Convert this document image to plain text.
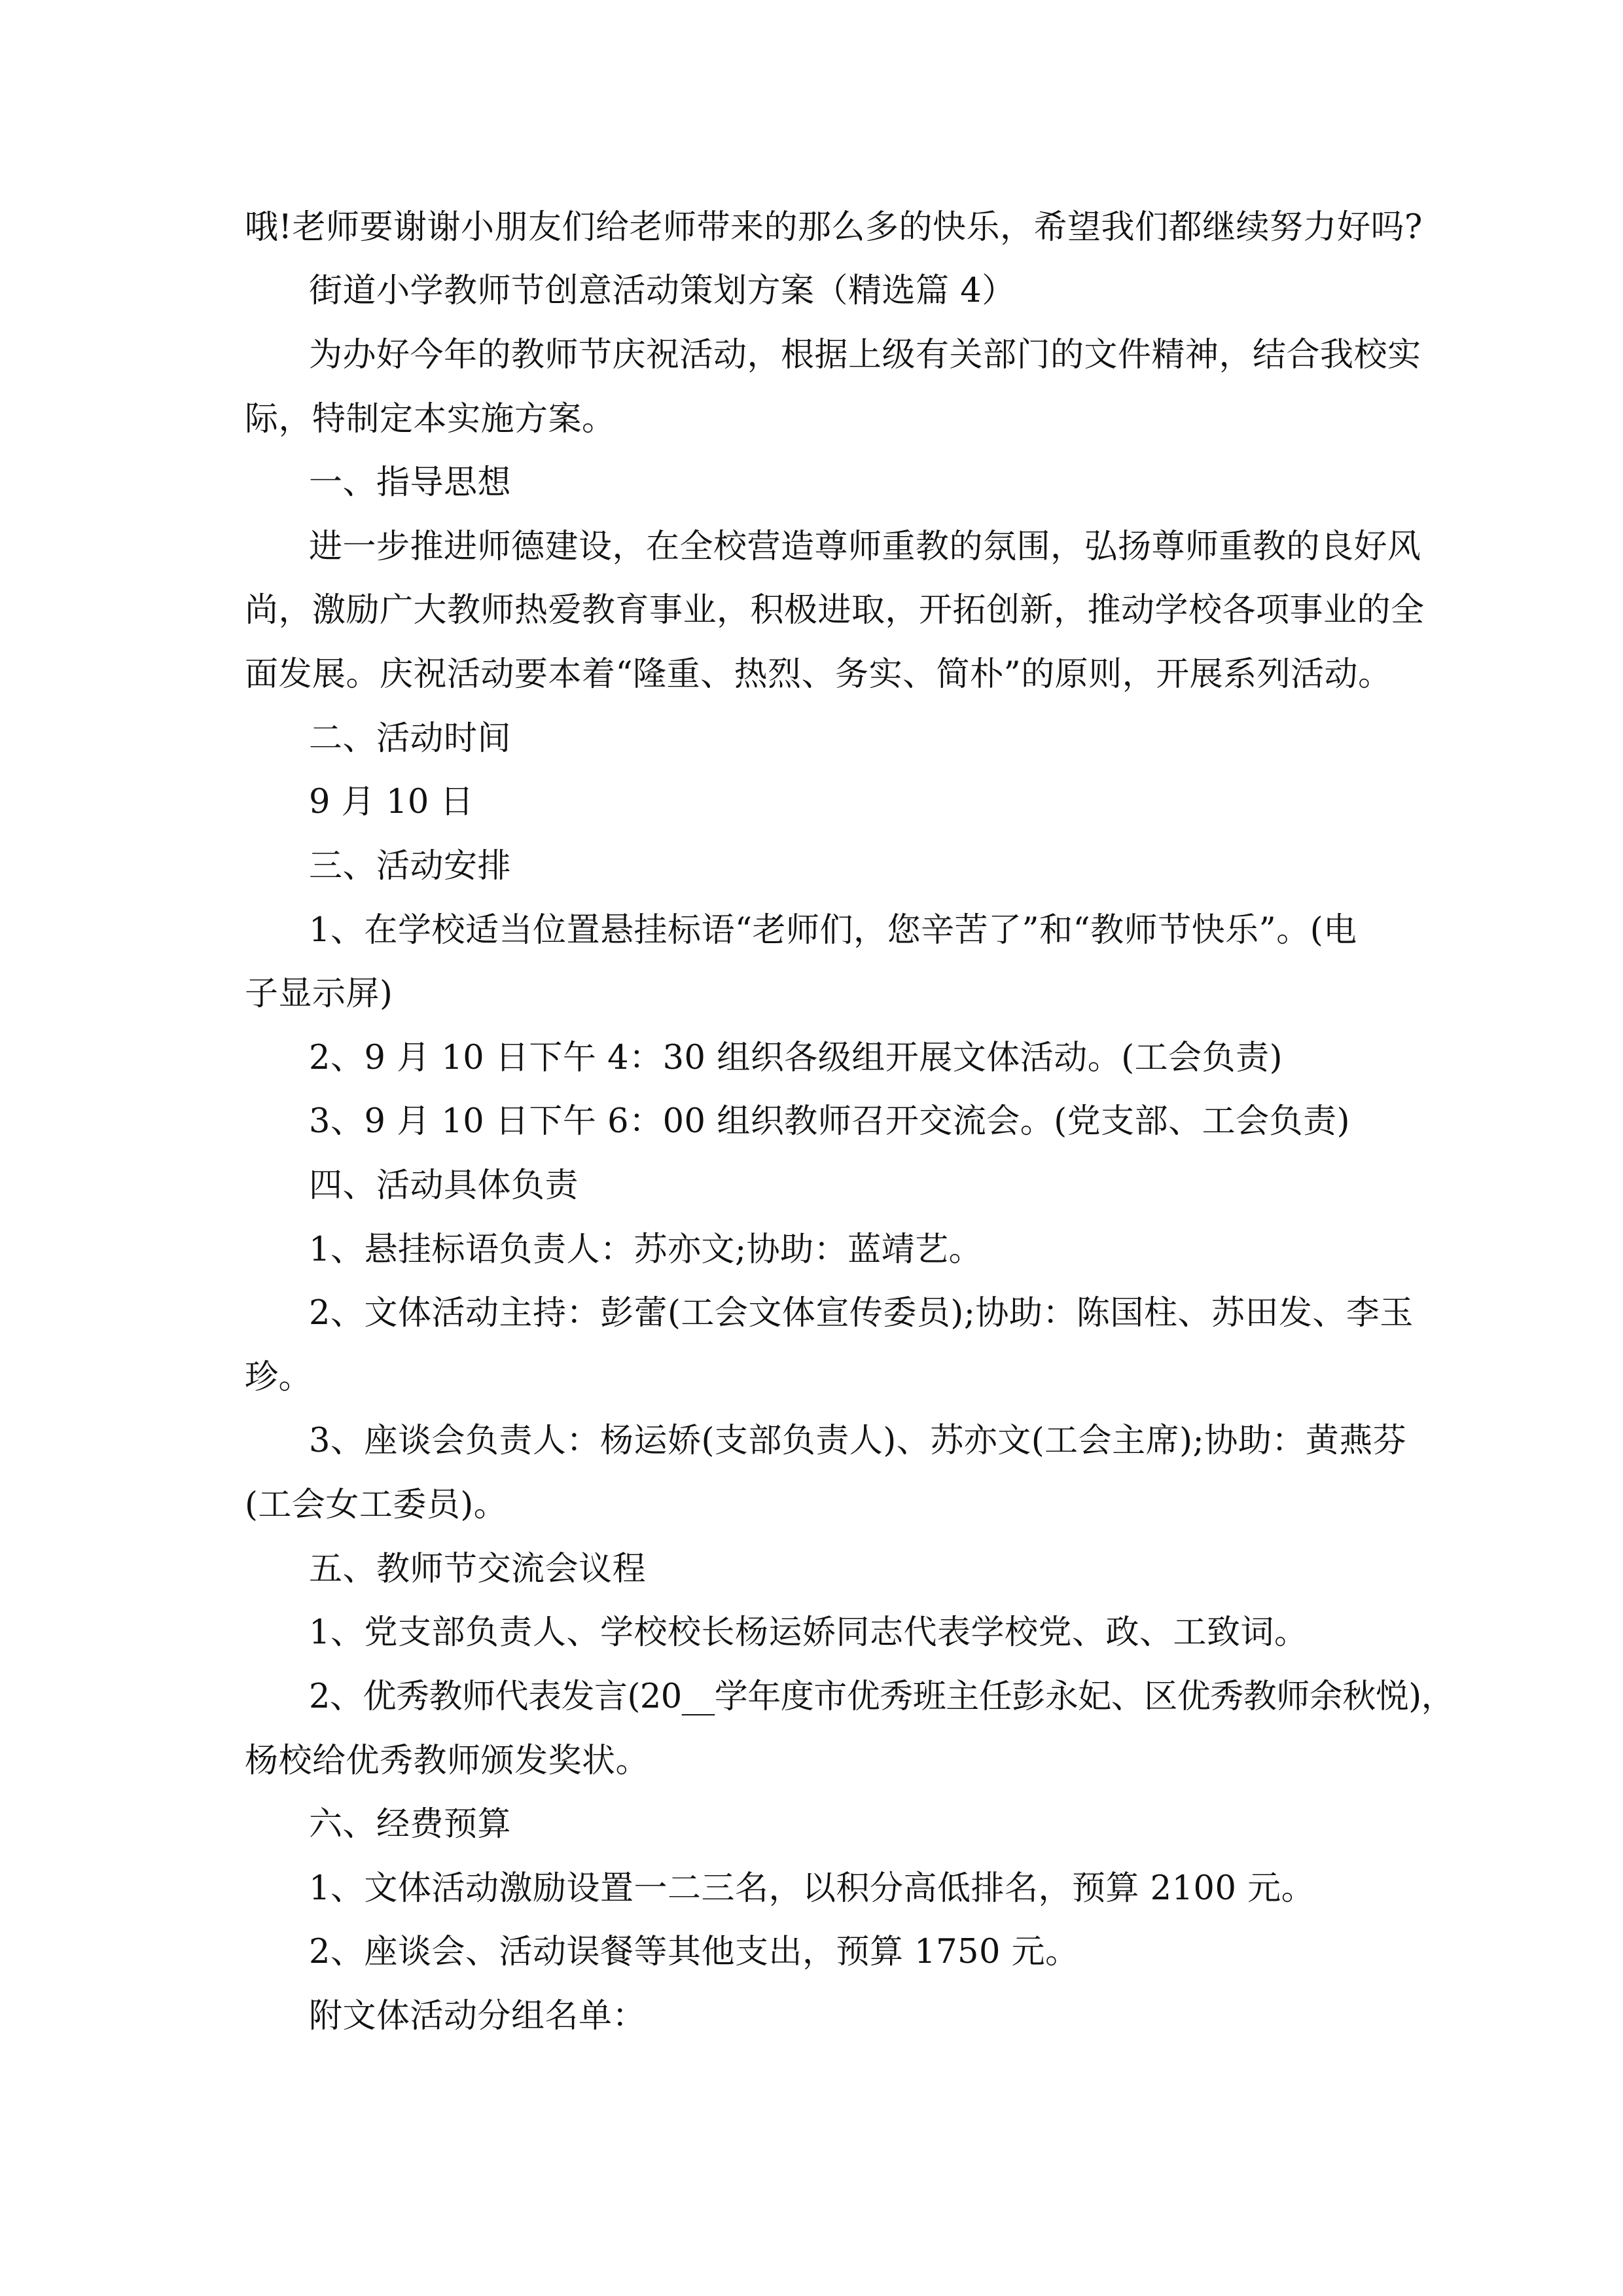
哦!老师要谢谢小朋友们给老师带来的那么多的快乐，希望我们都继续努力好吗?
街道小学教师节创意活动策划方案（精选篇 4）
为办好今年的教师节庆祝活动，根据上级有关部门的文件精神，结合我校实
际，特制定本实施方案。
一、指导思想
进一步推进师德建设，在全校营造尊师重教的氛围，弘扬尊师重教的良好风
尚，激励广大教师热爱教育事业，积极进取，开拓创新，推动学校各项事业的全
面发展。庆祝活动要本着“隆重、热烈、务实、简朴”的原则，开展系列活动。
二、活动时间
9 月 10 日
三、活动安排
1、在学校适当位置悬挂标语“老师们，您辛苦了”和“教师节快乐”。(电
子显示屏)
2、9 月 10 日下午 4：30 组织各级组开展文体活动。(工会负责)
3、9 月 10 日下午 6：00 组织教师召开交流会。(党支部、工会负责)
四、活动具体负责
1、悬挂标语负责人：苏亦文;协助：蓝靖艺。
2、文体活动主持：彭蕾(工会文体宣传委员);协助：陈国柱、苏田发、李玉
珍。
3、座谈会负责人：杨运娇(支部负责人)、苏亦文(工会主席);协助：黄燕芬
(工会女工委员)。
五、教师节交流会议程
1、党支部负责人、学校校长杨运娇同志代表学校党、政、工致词。
2、优秀教师代表发言(20__学年度市优秀班主任彭永妃、区优秀教师余秋悦)，
杨校给优秀教师颁发奖状。
六、经费预算
1、文体活动激励设置一二三名，以积分高低排名，预算 2100 元。
2、座谈会、活动误餐等其他支出，预算 1750 元。
附文体活动分组名单：
